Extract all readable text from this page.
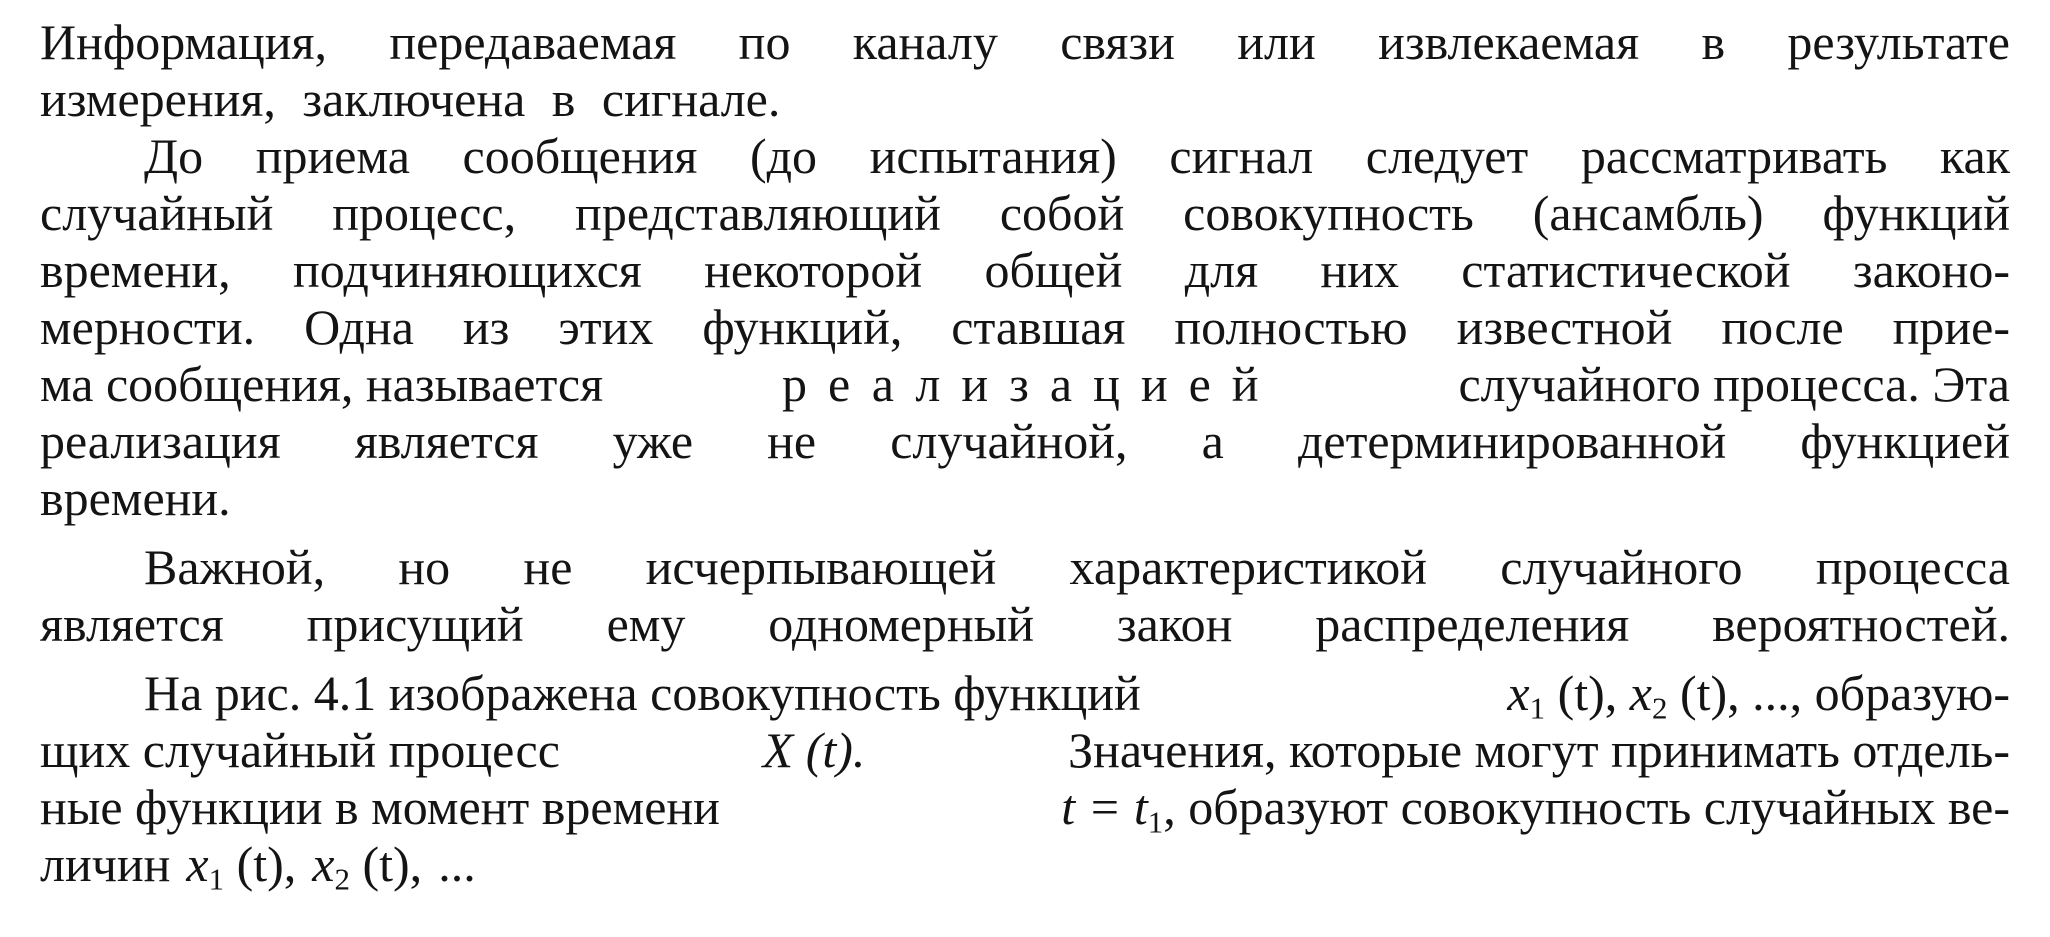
Информация, передаваемая по каналу связи или извлекаемая в результате
измерения, заключена в сигнале.
До приема сообщения (до испытания) сигнал следует рассматривать как
случайный процесс, представляющий собой совокупность (ансамбль) функций
времени, подчиняющихся некоторой общей для них статистической законо-
мерности. Одна из этих функций, ставшая полностью известной после прие-
ма сообщения, называется	реализацией	случайного процесса. Эта
реализация является уже не случайной, а детерминированной функцией
времени.
Важной, но не исчерпывающей характеристикой случайного процесса
является присущий ему одномерный закон распределения вероятностей.
На рис. 4.1 изображена совокупность функций	$x_1$ (t), $x_2$ (t), ..., образую-
щих случайный процесс	X (t).	Значения, которые могут принимать отдель-
ные функции в момент времени	$t = t_1$, образуют совокупность случайных ве-
личин $x_1$ (t), $x_2$ (t), ...
